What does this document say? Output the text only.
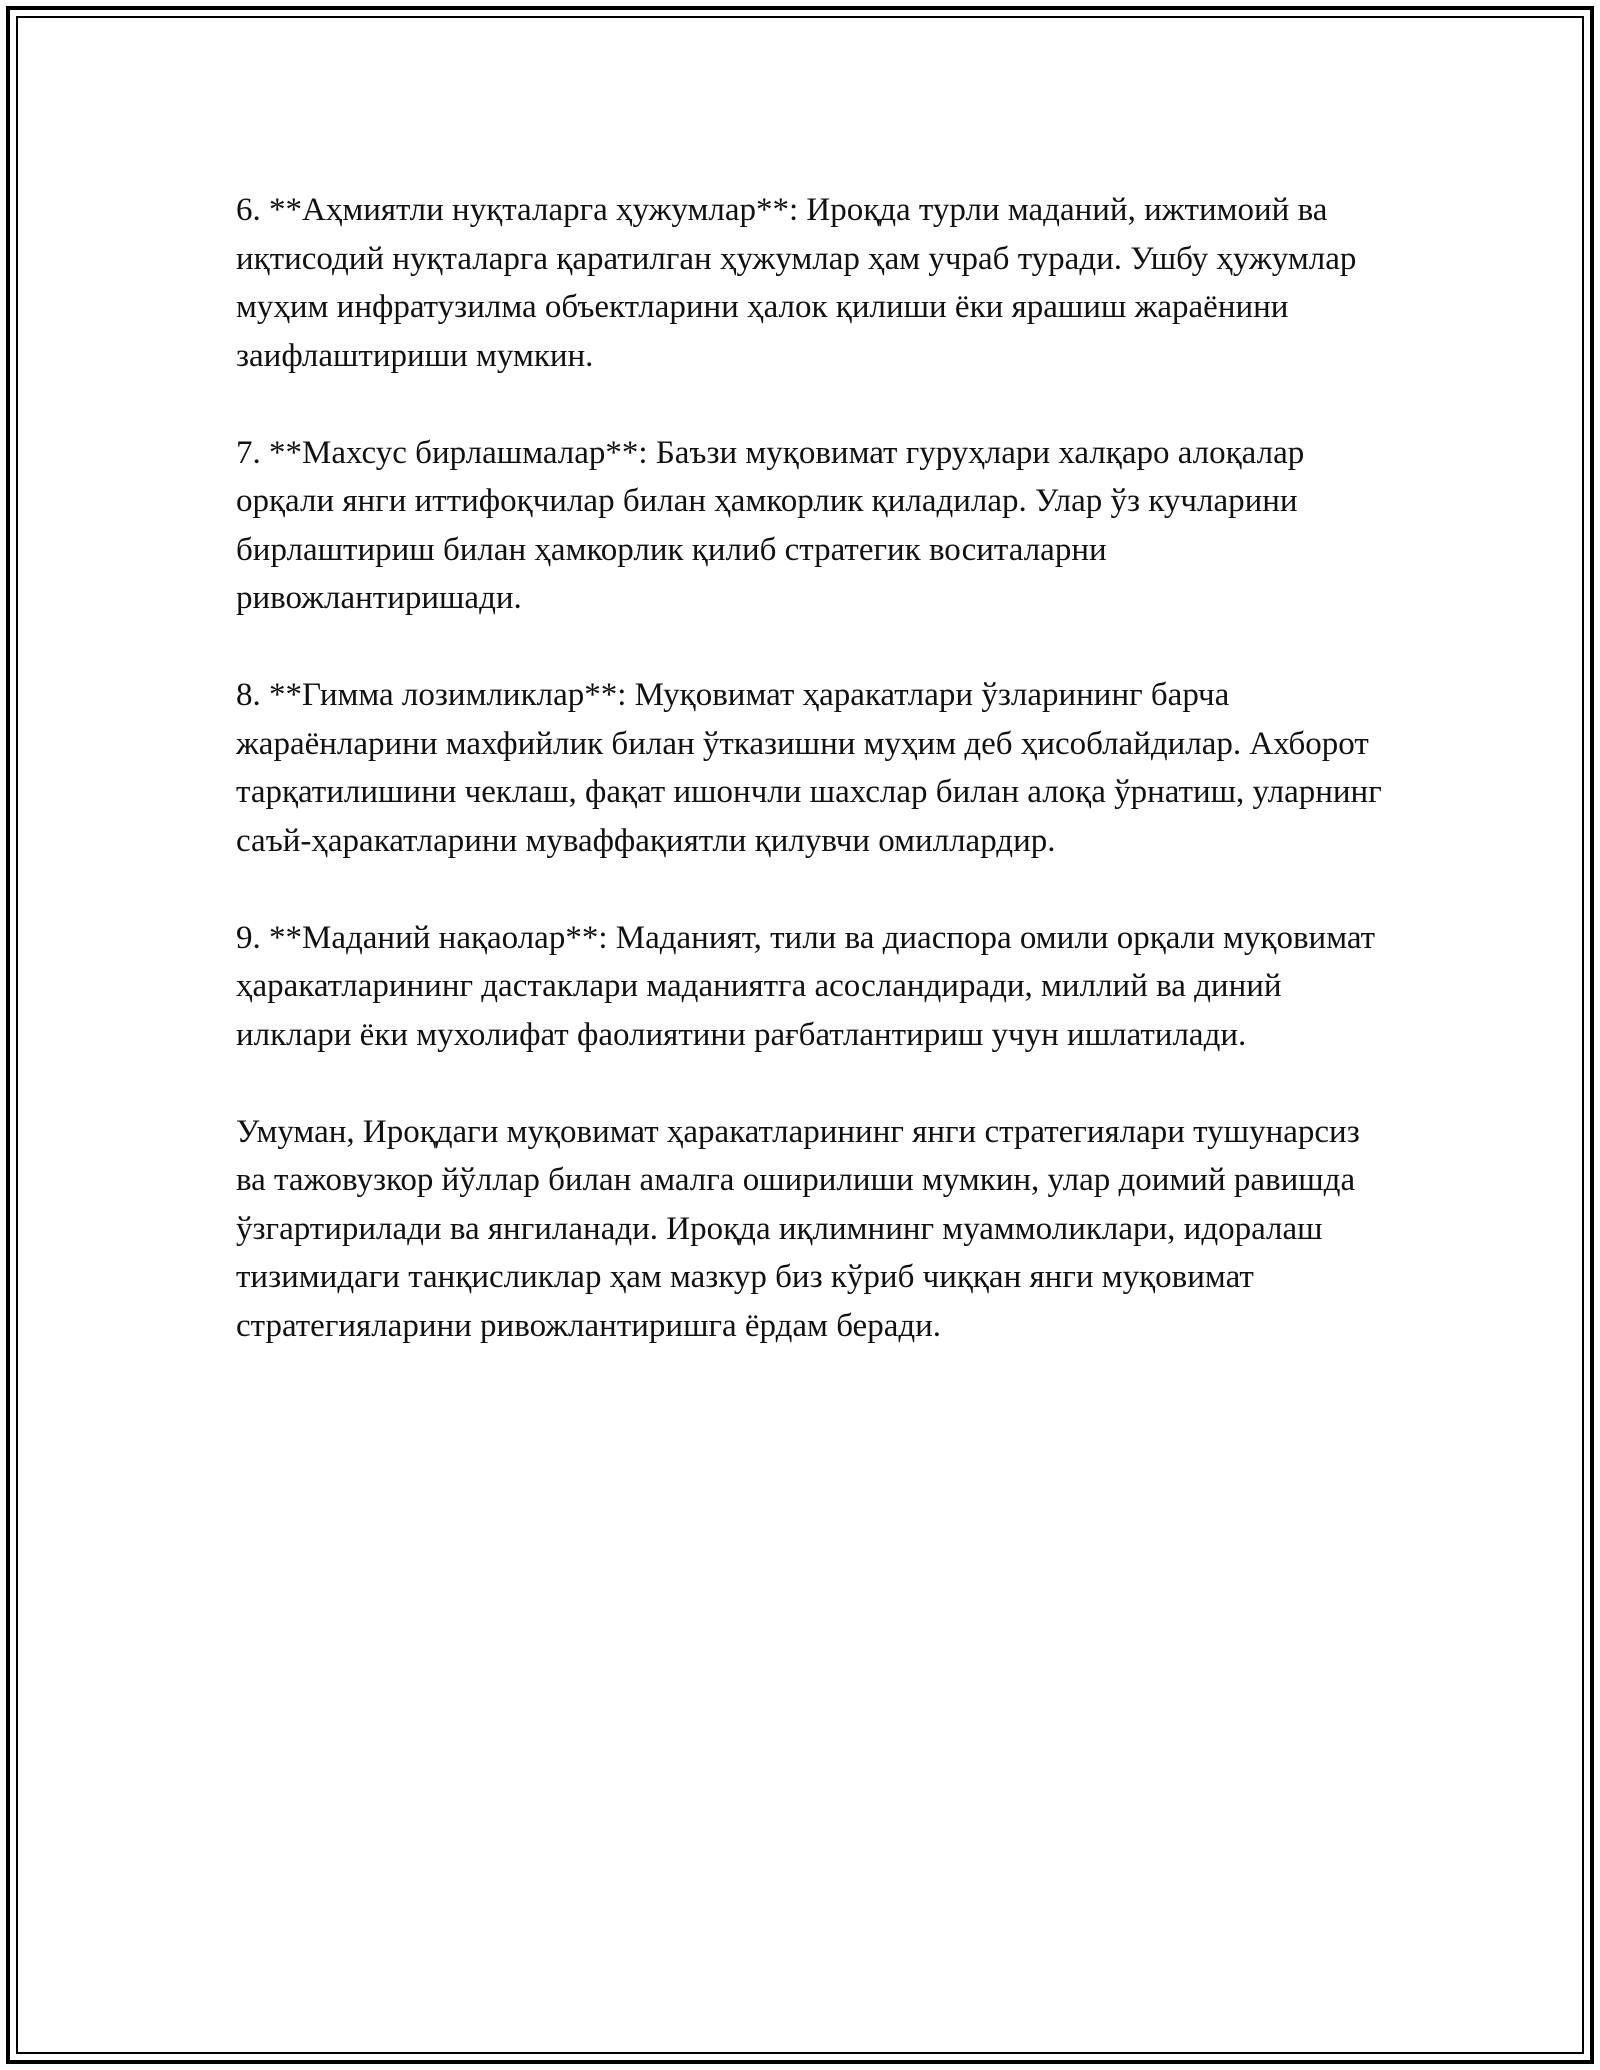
6. **Аҳмиятли нуқталарга ҳужумлар**: Ироқда турли маданий, ижтимоий ва иқтисодий нуқталарга қаратилган ҳужумлар ҳам учраб туради. Ушбу ҳужумлар муҳим инфратузилма объектларини ҳалок қилиши ёки ярашиш жараёнини заифлаштириши мумкин.

7. **Махсус бирлашмалар**: Баъзи муқовимат гуруҳлари халқаро алоқалар орқали янги иттифоқчилар билан ҳамкорлик қиладилар. Улар ўз кучларини бирлаштириш билан ҳамкорлик қилиб стратегик воситаларни ривожлантиришади.

8. **Гимма лозимликлар**: Муқовимат ҳаракатлари ўзларининг барча жараёнларини махфийлик билан ўтказишни муҳим деб ҳисоблайдилар. Ахборот тарқатилишини чеклаш, фақат ишончли шахслар билан алоқа ўрнатиш, уларнинг саъй-ҳаракатларини муваффақиятли қилувчи омиллардир.

9. **Маданий нақаолар**: Маданият, тили ва диаспора омили орқали муқовимат ҳаракатларининг дастаклари маданиятга асосландиради, миллий ва диний илклари ёки мухолифат фаолиятини рағбатлантириш учун ишлатилади.

Умуман, Ироқдаги муқовимат ҳаракатларининг янги стратегиялари тушунарсиз ва тажовузкор йўллар билан амалга оширилиши мумкин, улар доимий равишда ўзгартирилади ва янгиланади. Ироқда иқлимнинг муаммоликлари, идоралаш тизимидаги танқисликлар ҳам мазкур биз кўриб чиққан янги муқовимат стратегияларини ривожлантиришга ёрдам беради.
